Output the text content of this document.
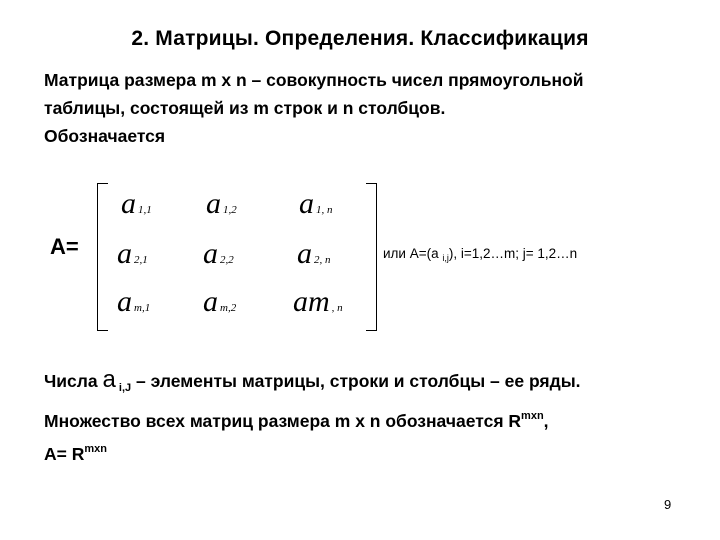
2. Матрицы. Определения. Классификация
Матрица размера m x n – совокупность чисел прямоугольной
таблицы, состоящей из m строк и n столбцов.
Обозначается
A=
a 1,1 a 1,2 a 1, n
a 2,1 a 2,2 a 2, n
am,1 am,2 am , n
или А=(a $_{i,j}$), i=1,2…m; j= 1,2…n
Числа a $_{i,J}$ – элементы матрицы, строки и столбцы – ее ряды.
Множество всех матриц размера m x n обозначается $R^{mxn}$,
$A= R^{mxn}$
9
